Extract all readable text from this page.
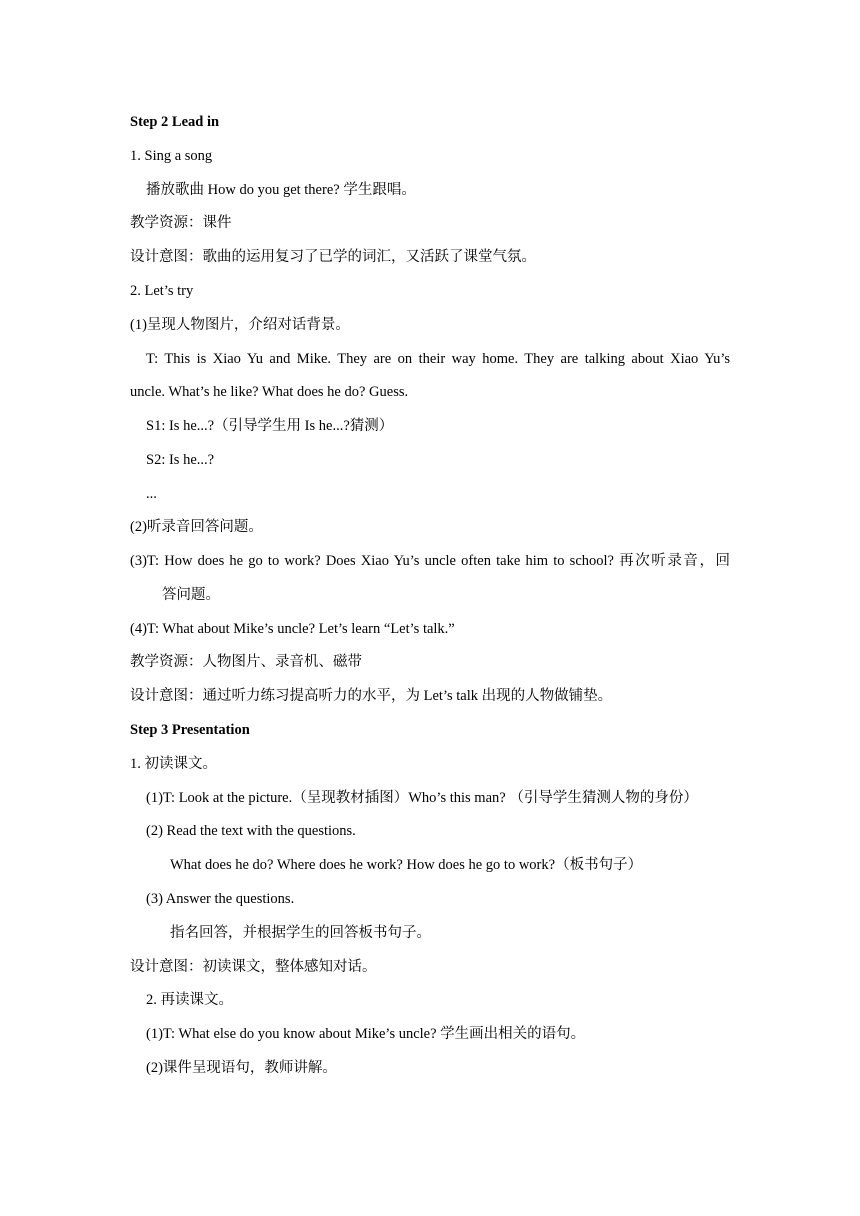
Step 2 Lead in
1. Sing a song
播放歌曲 How do you get there? 学生跟唱。
教学资源：课件
设计意图：歌曲的运用复习了已学的词汇，又活跃了课堂气氛。
2. Let’s try
(1)呈现人物图片，介绍对话背景。
T: This is Xiao Yu and Mike. They are on their way home. They are talking about Xiao Yu’s
uncle. What’s he like? What does he do? Guess.
S1: Is he...?（引导学生用 Is he...?猜测）
S2: Is he...?
...
(2)听录音回答问题。
(3)T: How does he go to work? Does Xiao Yu’s uncle often take him to school? 再次听录音，回
答问题。
(4)T: What about Mike’s uncle? Let’s learn “Let’s talk.”
教学资源：人物图片、录音机、磁带
设计意图：通过听力练习提高听力的水平，为 Let’s talk 出现的人物做铺垫。
Step 3 Presentation
1. 初读课文。
(1)T: Look at the picture.（呈现教材插图）Who’s this man? （引导学生猜测人物的身份）
(2) Read the text with the questions.
What does he do? Where does he work? How does he go to work?（板书句子）
(3) Answer the questions.
指名回答，并根据学生的回答板书句子。
设计意图：初读课文，整体感知对话。
2. 再读课文。
(1)T: What else do you know about Mike’s uncle? 学生画出相关的语句。
(2)课件呈现语句，教师讲解。
